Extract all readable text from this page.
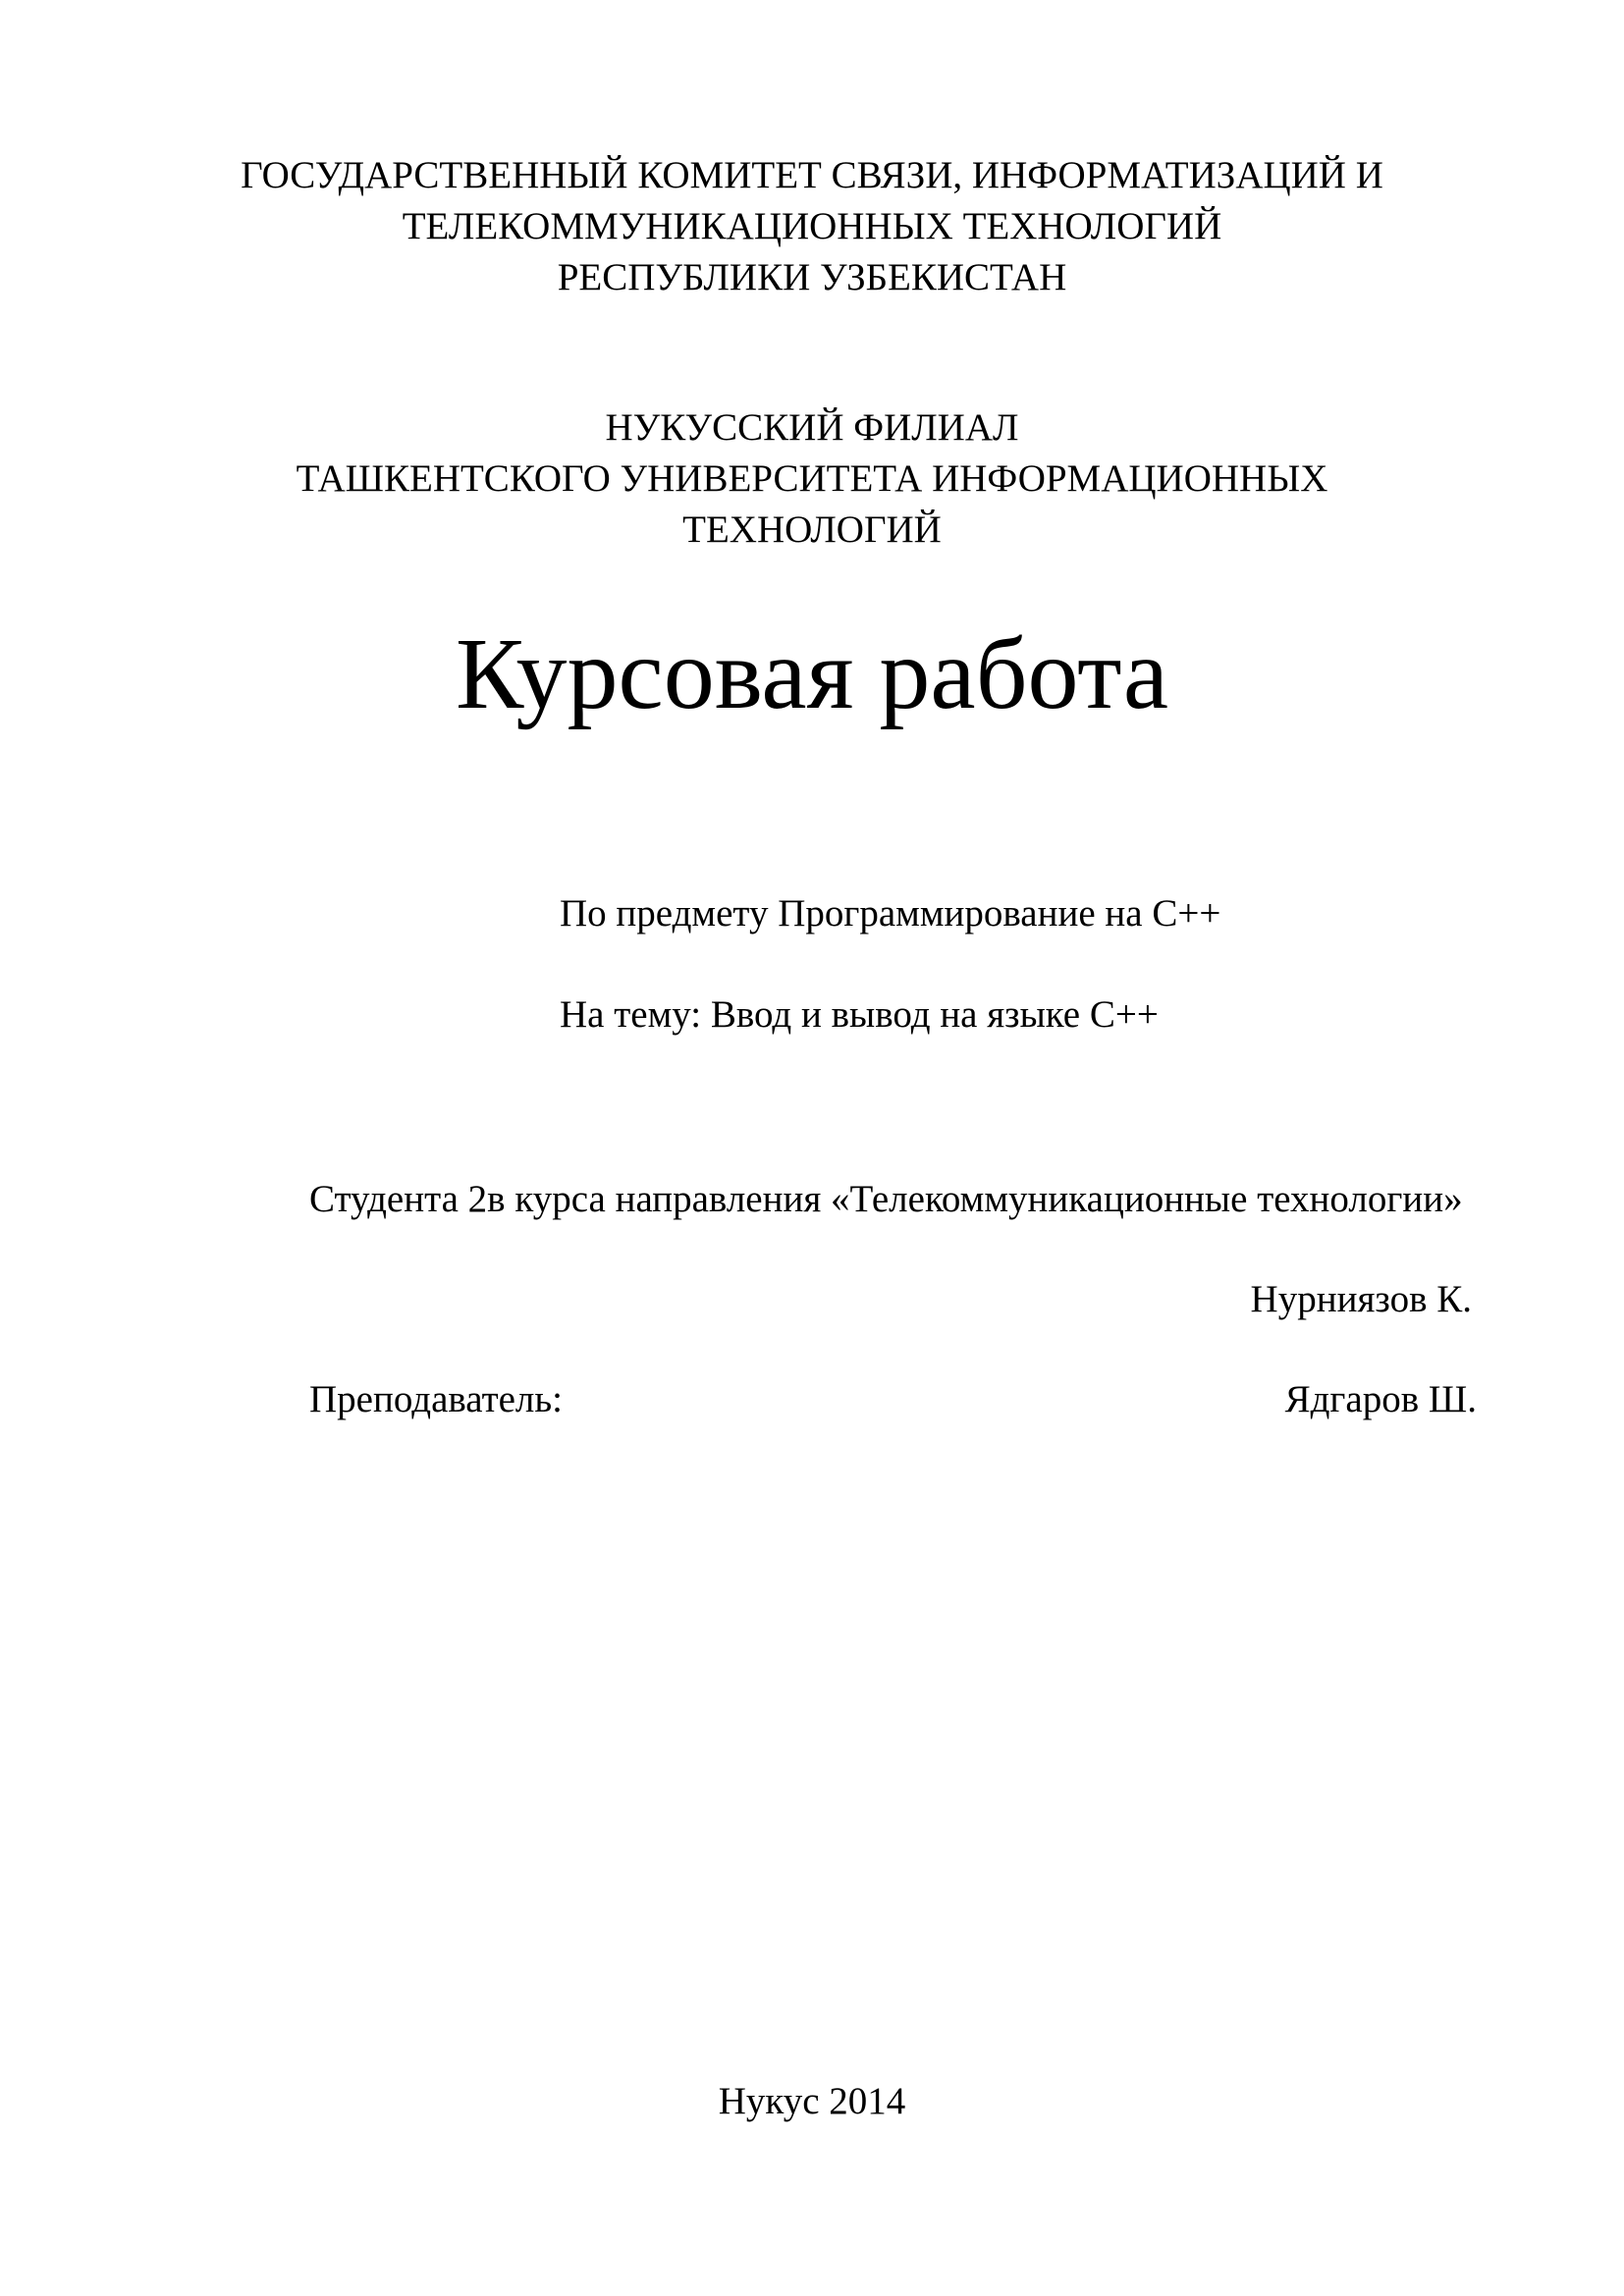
ГОСУДАРСТВЕННЫЙ КОМИТЕТ СВЯЗИ, ИНФОРМАТИЗАЦИЙ И
ТЕЛЕКОММУНИКАЦИОННЫХ ТЕХНОЛОГИЙ
РЕСПУБЛИКИ УЗБЕКИСТАН
НУКУССКИЙ ФИЛИАЛ
ТАШКЕНТСКОГО УНИВЕРСИТЕТА ИНФОРМАЦИОННЫХ
ТЕХНОЛОГИЙ
Курсовая работа
По предмету Программирование на С++
На тему: Ввод и вывод на языке С++
Студента 2в курса направления «Телекоммуникационные технологии»
Нурниязов К.
Преподаватель:	Ядгаров Ш.
Нукус 2014
